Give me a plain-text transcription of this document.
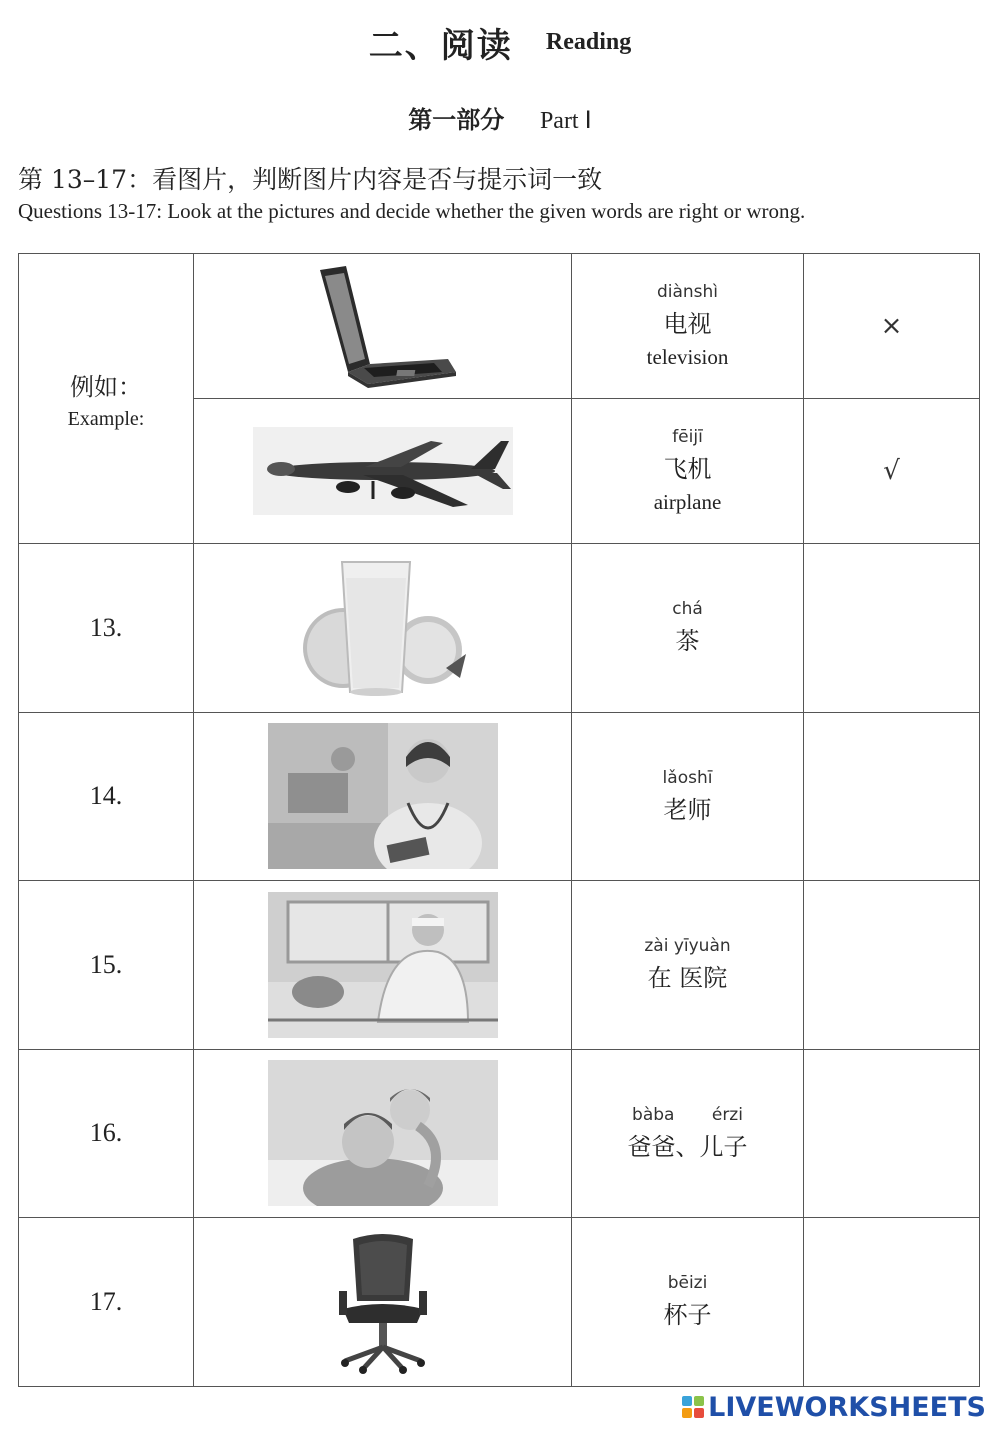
二、阅读 Reading
第一部分 Part Ⅰ
第 13–17：看图片，判断图片内容是否与提示词一致
Questions 13-17: Look at the pictures and decide whether the given words are right or wrong.
例如：
Example:		diànshì
电视
television	×

fēijī
飞机
airplane	√
13.		chá
茶	

14.		lǎoshī
老师	

15.		zài yīyuàn
在 医院	

16.		bàba érzi
爸爸、儿子	

17.		bēizi
杯子	

LIVEWORKSHEETS
